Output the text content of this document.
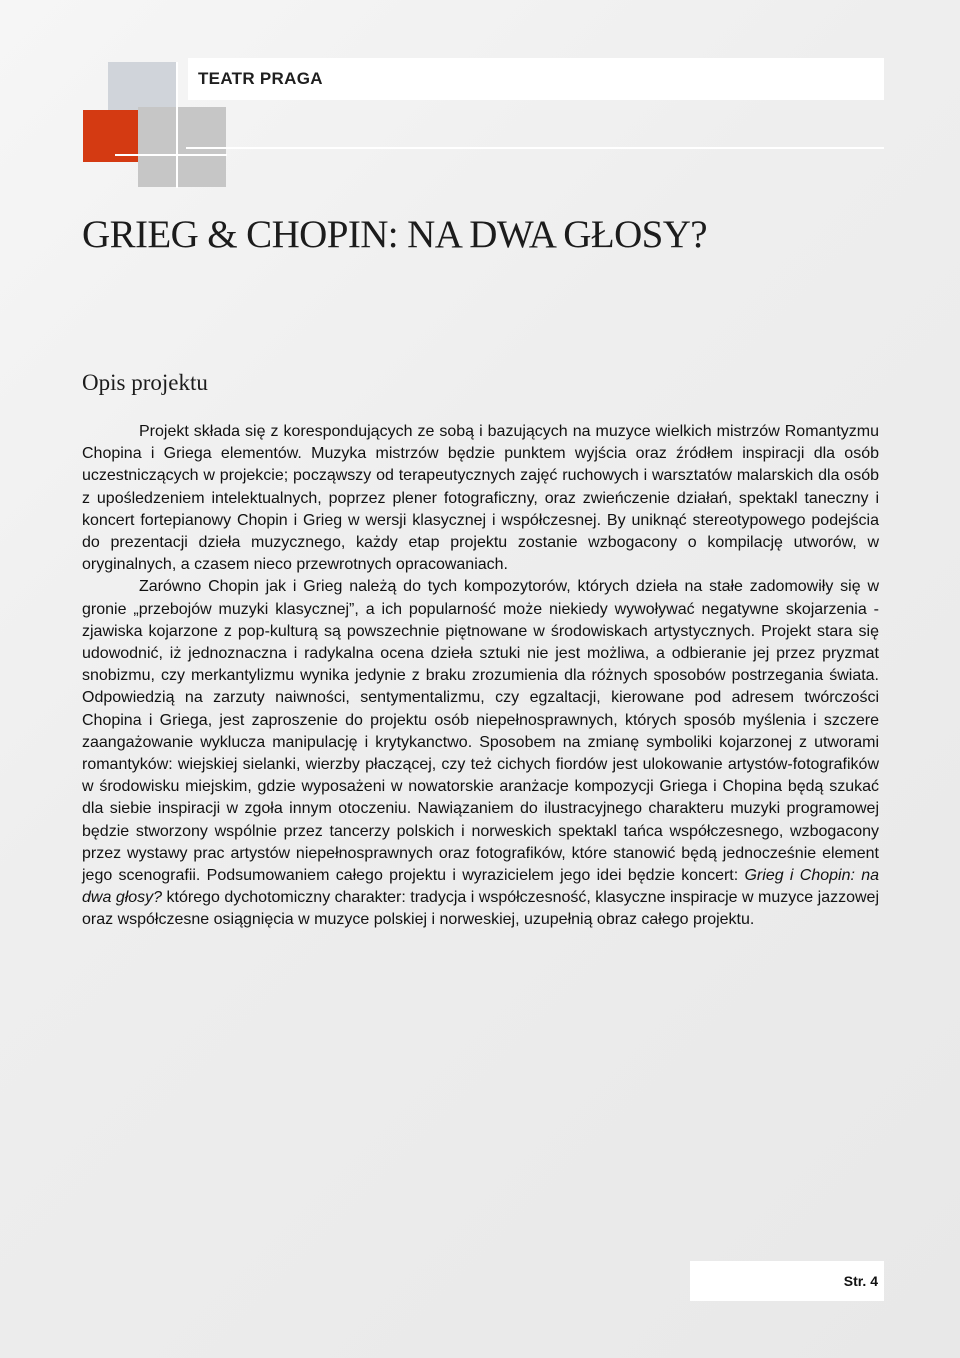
TEATR PRAGA
GRIEG & CHOPIN: NA DWA GŁOSY?
Opis projektu

Projekt składa się z korespondujących ze sobą i bazujących na muzyce wielkich mistrzów Romantyzmu Chopina i Griega elementów. Muzyka mistrzów będzie punktem wyjścia oraz źródłem inspiracji dla osób uczestniczących w projekcie; począwszy od terapeutycznych zajęć ruchowych i warsztatów malarskich dla osób z upośledzeniem intelektualnych, poprzez plener fotograficzny, oraz zwieńczenie działań, spektakl taneczny i koncert fortepianowy Chopin i Grieg w wersji klasycznej i współczesnej. By uniknąć stereotypowego podejścia do prezentacji dzieła muzycznego, każdy etap projektu zostanie wzbogacony o kompilację utworów, w oryginalnych, a czasem nieco przewrotnych opracowaniach.

Zarówno Chopin jak i Grieg należą do tych kompozytorów, których dzieła na stałe zadomowiły się w gronie „przebojów muzyki klasycznej”, a ich popularność może niekiedy wywoływać negatywne skojarzenia - zjawiska kojarzone z pop-kulturą są powszechnie piętnowane w środowiskach artystycznych. Projekt stara się udowodnić, iż jednoznaczna i radykalna ocena dzieła sztuki nie jest możliwa, a odbieranie jej przez pryzmat snobizmu, czy merkantylizmu wynika jedynie z braku zrozumienia dla różnych sposobów postrzegania świata. Odpowiedzią na zarzuty naiwności, sentymentalizmu, czy egzaltacji, kierowane pod adresem twórczości Chopina i Griega, jest zaproszenie do projektu osób niepełnosprawnych, których sposób myślenia i szczere zaangażowanie wyklucza manipulację i krytykanctwo. Sposobem na zmianę symboliki kojarzonej z utworami romantyków: wiejskiej sielanki, wierzby płaczącej, czy też cichych fiordów jest ulokowanie artystów-fotografików w środowisku miejskim, gdzie wyposażeni w nowatorskie aranżacje kompozycji Griega i Chopina będą szukać dla siebie inspiracji w zgoła innym otoczeniu. Nawiązaniem do ilustracyjnego charakteru muzyki programowej będzie stworzony wspólnie przez tancerzy polskich i norweskich spektakl tańca współczesnego, wzbogacony przez wystawy prac artystów niepełnosprawnych oraz fotografików, które stanowić będą jednocześnie element jego scenografii. Podsumowaniem całego projektu i wyrazicielem jego idei będzie koncert: Grieg i Chopin: na dwa głosy? którego dychotomiczny charakter: tradycja i współczesność, klasyczne inspiracje w muzyce jazzowej oraz współczesne osiągnięcia w muzyce polskiej i norweskiej, uzupełnią obraz całego projektu.

Str. 4
